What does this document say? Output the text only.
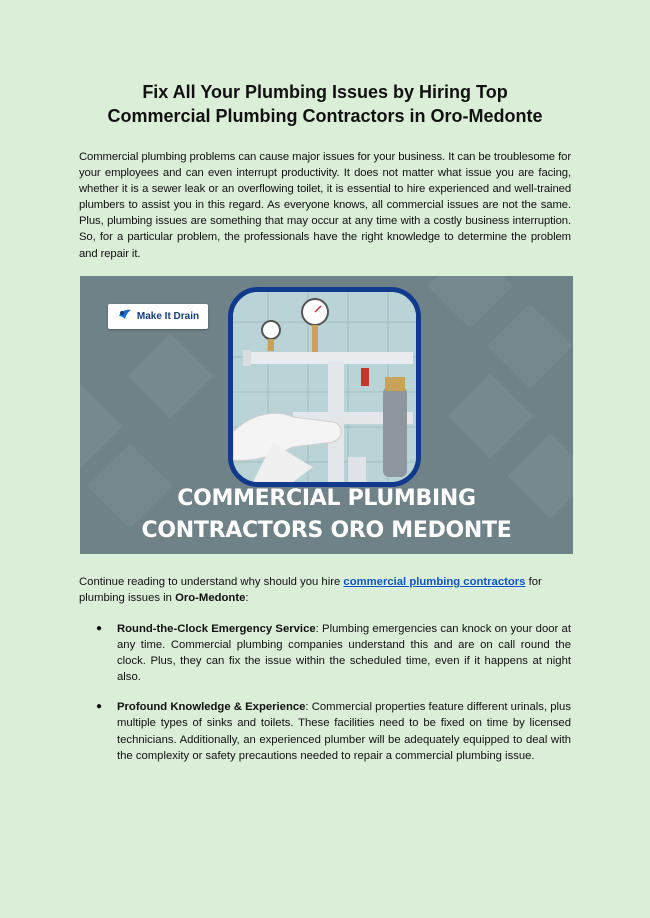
Fix All Your Plumbing Issues by Hiring Top
Commercial Plumbing Contractors in Oro-Medonte

Commercial plumbing problems can cause major issues for your business. It can be troublesome for your employees and can even interrupt productivity. It does not matter what issue you are facing, whether it is a sewer leak or an overflowing toilet, it is essential to hire experienced and well-trained plumbers to assist you in this regard. As everyone knows, all commercial issues are not the same. Plus, plumbing issues are something that may occur at any time with a costly business interruption. So, for a particular problem, the professionals have the right knowledge to determine the problem and repair it.

Make It Drain
COMMERCIAL PLUMBING
CONTRACTORS ORO MEDONTE

Continue reading to understand why should you hire commercial plumbing contractors for plumbing issues in Oro-Medonte:

● Round-the-Clock Emergency Service: Plumbing emergencies can knock on your door at any time. Commercial plumbing companies understand this and are on call round the clock. Plus, they can fix the issue within the scheduled time, even if it happens at night also.
● Profound Knowledge & Experience: Commercial properties feature different urinals, plus multiple types of sinks and toilets. These facilities need to be fixed on time by licensed technicians. Additionally, an experienced plumber will be adequately equipped to deal with the complexity or safety precautions needed to repair a commercial plumbing issue.
